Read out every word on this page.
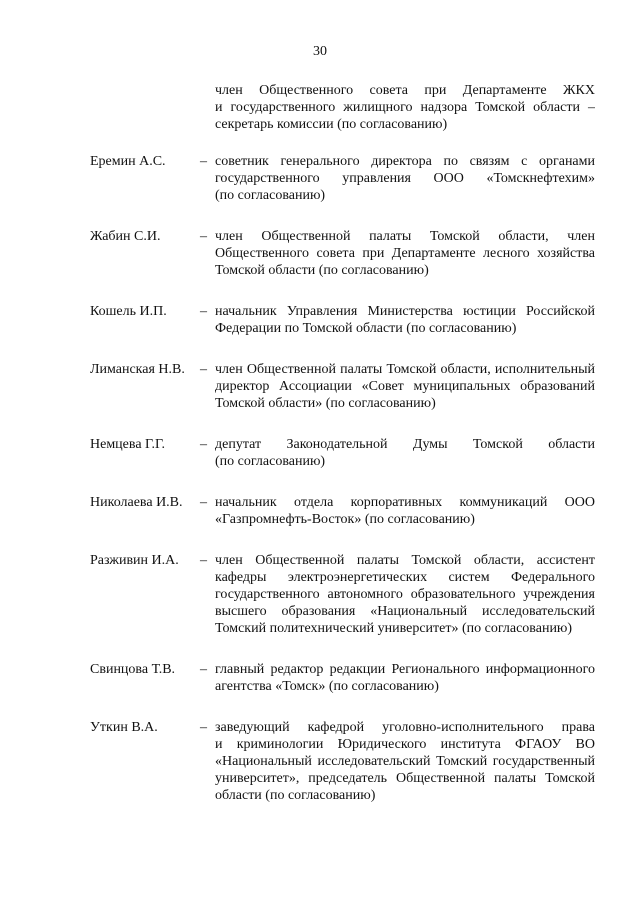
30
член Общественного совета при Департаменте ЖКХ
и государственного жилищного надзора Томской области –
секретарь комиссии (по согласованию)
Еремин А.С. – советник генерального директора по связям с органами
государственного управления ООО «Томскнефтехим»
(по согласованию)
Жабин С.И.	– член Общественной палаты Томской области, член
Общественного совета при Департаменте лесного хозяйства
Томской области (по согласованию)
Кошель И.П. – начальник Управления Министерства юстиции Российской
Федерации по Томской области (по согласованию)
Лиманская Н.В. – член Общественной палаты Томской области, исполнительный
директор Ассоциации «Совет муниципальных образований
Томской области» (по согласованию)
Немцева Г.Г. – депутат Законодательной Думы Томской области
(по согласованию)
Николаева И.В. – начальник отдела корпоративных коммуникаций ООО
«Газпромнефть-Восток» (по согласованию)
Разживин И.А. – член Общественной палаты Томской области, ассистент
кафедры электроэнергетических систем Федерального
государственного автономного образовательного учреждения
высшего образования «Национальный исследовательский
Томский политехнический университет» (по согласованию)
Свинцова Т.В. – главный редактор редакции Регионального информационного
агентства «Томск» (по согласованию)
Уткин В.А.	– заведующий кафедрой уголовно-исполнительного права
и криминологии Юридического института ФГАОУ ВО
«Национальный исследовательский Томский государственный
университет», председатель Общественной палаты Томской
области (по согласованию)
